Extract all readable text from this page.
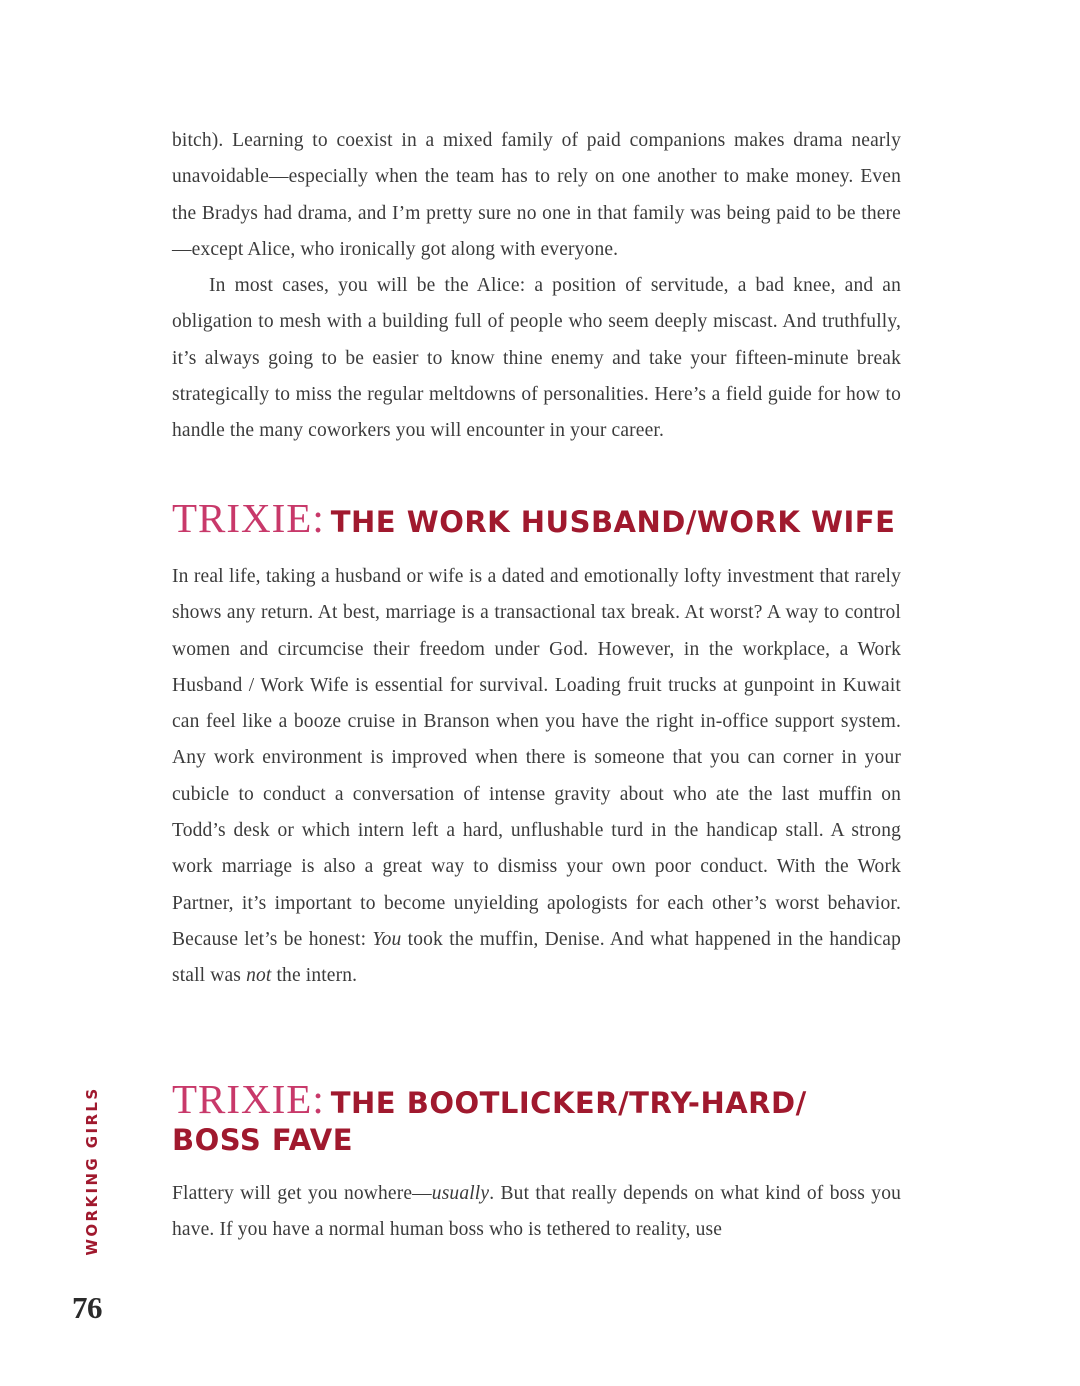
bitch). Learning to coexist in a mixed family of paid companions makes drama nearly unavoidable—especially when the team has to rely on one another to make money. Even the Bradys had drama, and I’m pretty sure no one in that family was being paid to be there—except Alice, who ironically got along with everyone.

In most cases, you will be the Alice: a position of servitude, a bad knee, and an obligation to mesh with a building full of people who seem deeply miscast. And truthfully, it’s always going to be easier to know thine enemy and take your fifteen-minute break strategically to miss the regular meltdowns of personalities. Here’s a field guide for how to handle the many coworkers you will encounter in your career.

TRIXIE: THE WORK HUSBAND/WORK WIFE

In real life, taking a husband or wife is a dated and emotionally lofty investment that rarely shows any return. At best, marriage is a transactional tax break. At worst? A way to control women and circumcise their freedom under God. However, in the workplace, a Work Husband / Work Wife is essential for survival. Loading fruit trucks at gunpoint in Kuwait can feel like a booze cruise in Branson when you have the right in-office support system. Any work environment is improved when there is someone that you can corner in your cubicle to conduct a conversation of intense gravity about who ate the last muffin on Todd’s desk or which intern left a hard, unflushable turd in the handicap stall. A strong work marriage is also a great way to dismiss your own poor conduct. With the Work Partner, it’s important to become unyielding apologists for each other’s worst behavior. Because let’s be honest: You took the muffin, Denise. And what happened in the handicap stall was not the intern.

TRIXIE: THE BOOTLICKER/TRY-HARD/
BOSS FAVE

Flattery will get you nowhere—usually. But that really depends on what kind of boss you have. If you have a normal human boss who is tethered to reality, use

WORKING GIRLS
76
